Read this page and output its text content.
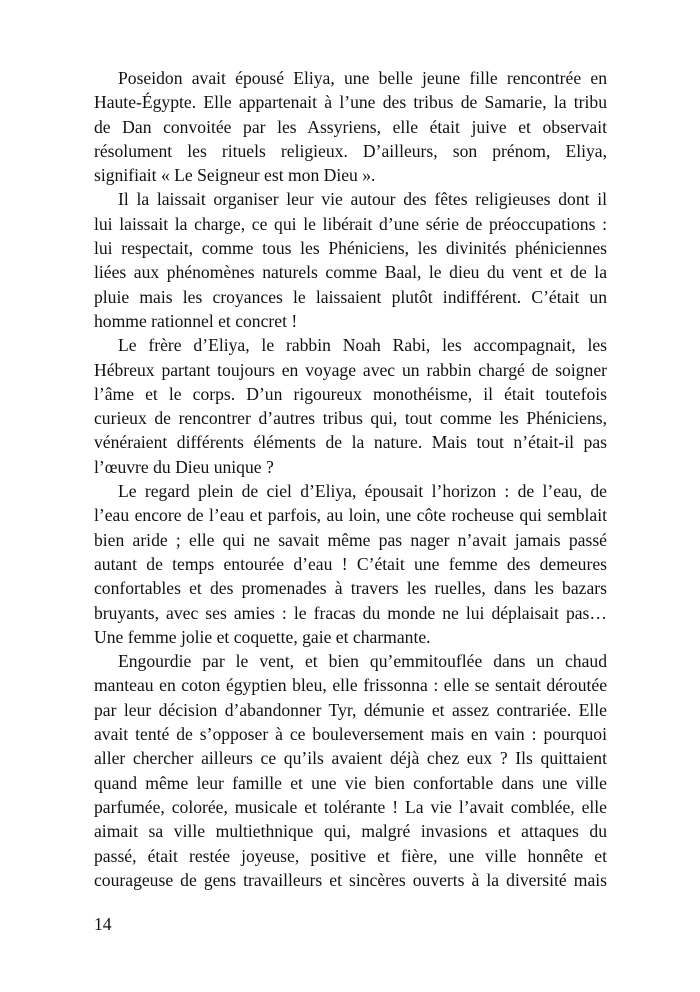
Poseidon avait épousé Eliya, une belle jeune fille rencontrée en
Haute-Égypte. Elle appartenait à l’une des tribus de Samarie, la tribu
de Dan convoitée par les Assyriens, elle était juive et observait
résolument les rituels religieux. D’ailleurs, son prénom, Eliya,
signifiait « Le Seigneur est mon Dieu ».
Il la laissait organiser leur vie autour des fêtes religieuses dont il
lui laissait la charge, ce qui le libérait d’une série de préoccupations :
lui respectait, comme tous les Phéniciens, les divinités phéniciennes
liées aux phénomènes naturels comme Baal, le dieu du vent et de la
pluie mais les croyances le laissaient plutôt indifférent. C’était un
homme rationnel et concret !
Le frère d’Eliya, le rabbin Noah Rabi, les accompagnait, les
Hébreux partant toujours en voyage avec un rabbin chargé de soigner
l’âme et le corps. D’un rigoureux monothéisme, il était toutefois
curieux de rencontrer d’autres tribus qui, tout comme les Phéniciens,
vénéraient différents éléments de la nature. Mais tout n’était-il pas
l’œuvre du Dieu unique ?
Le regard plein de ciel d’Eliya, épousait l’horizon : de l’eau, de
l’eau encore de l’eau et parfois, au loin, une côte rocheuse qui semblait
bien aride ; elle qui ne savait même pas nager n’avait jamais passé
autant de temps entourée d’eau ! C’était une femme des demeures
confortables et des promenades à travers les ruelles, dans les bazars
bruyants, avec ses amies : le fracas du monde ne lui déplaisait pas…
Une femme jolie et coquette, gaie et charmante.
Engourdie par le vent, et bien qu’emmitouflée dans un chaud
manteau en coton égyptien bleu, elle frissonna : elle se sentait déroutée
par leur décision d’abandonner Tyr, démunie et assez contrariée. Elle
avait tenté de s’opposer à ce bouleversement mais en vain : pourquoi
aller chercher ailleurs ce qu’ils avaient déjà chez eux ? Ils quittaient
quand même leur famille et une vie bien confortable dans une ville
parfumée, colorée, musicale et tolérante ! La vie l’avait comblée, elle
aimait sa ville multiethnique qui, malgré invasions et attaques du
passé, était restée joyeuse, positive et fière, une ville honnête et
courageuse de gens travailleurs et sincères ouverts à la diversité mais
14
